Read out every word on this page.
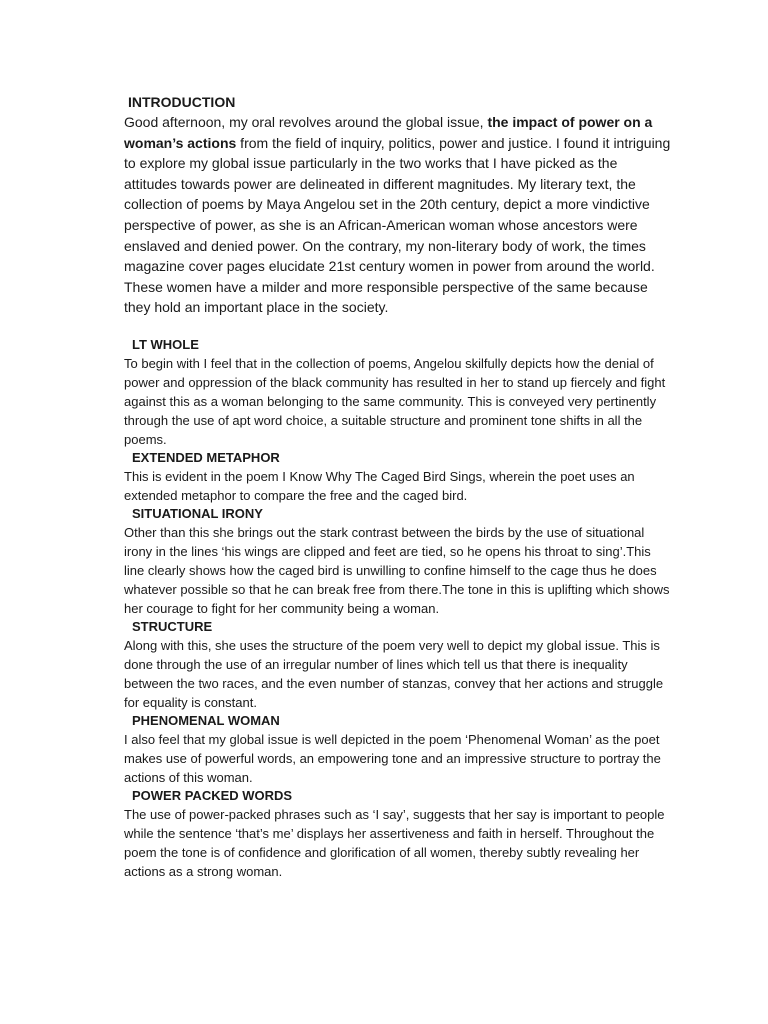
INTRODUCTION

Good afternoon, my oral revolves around the global issue, the impact of power on a woman’s actions from the field of inquiry, politics, power and justice. I found it intriguing to explore my global issue particularly in the two works that I have picked as the attitudes towards power are delineated in different magnitudes. My literary text, the collection of poems by Maya Angelou set in the 20th century, depict a more vindictive perspective of power, as she is an African-American woman whose ancestors were enslaved and denied power. On the contrary, my non-literary body of work, the times magazine cover pages elucidate 21st century women in power from around the world. These women have a milder and more responsible perspective of the same because they hold an important place in the society.

LT WHOLE

To begin with I feel that in the collection of poems, Angelou skilfully depicts how the denial of power and oppression of the black community has resulted in her to stand up fiercely and fight against this as a woman belonging to the same community. This is conveyed very pertinently through the use of apt word choice, a suitable structure and prominent tone shifts in all the poems.

EXTENDED METAPHOR

This is evident in the poem I Know Why The Caged Bird Sings, wherein the poet uses an extended metaphor to compare the free and the caged bird.

SITUATIONAL IRONY

Other than this she brings out the stark contrast between the birds by the use of situational irony in the lines ‘his wings are clipped and feet are tied, so he opens his throat to sing’.This line clearly shows how the caged bird is unwilling to confine himself to the cage thus he does whatever possible so that he can break free from there.The tone in this is uplifting which shows her courage to fight for her community being a woman.

STRUCTURE

Along with this, she uses the structure of the poem very well to depict my global issue. This is done through the use of an irregular number of lines which tell us that there is inequality between the two races, and the even number of stanzas, convey that her actions and struggle for equality is constant.

PHENOMENAL WOMAN

I also feel that my global issue is well depicted in the poem ‘Phenomenal Woman’ as the poet makes use of powerful words, an empowering tone and an impressive structure to portray the actions of this woman.

POWER PACKED WORDS

The use of power-packed phrases such as ‘I say’, suggests that her say is important to people while the sentence ‘that’s me’ displays her assertiveness and faith in herself. Throughout the poem the tone is of confidence and glorification of all women, thereby subtly revealing her actions as a strong woman.
